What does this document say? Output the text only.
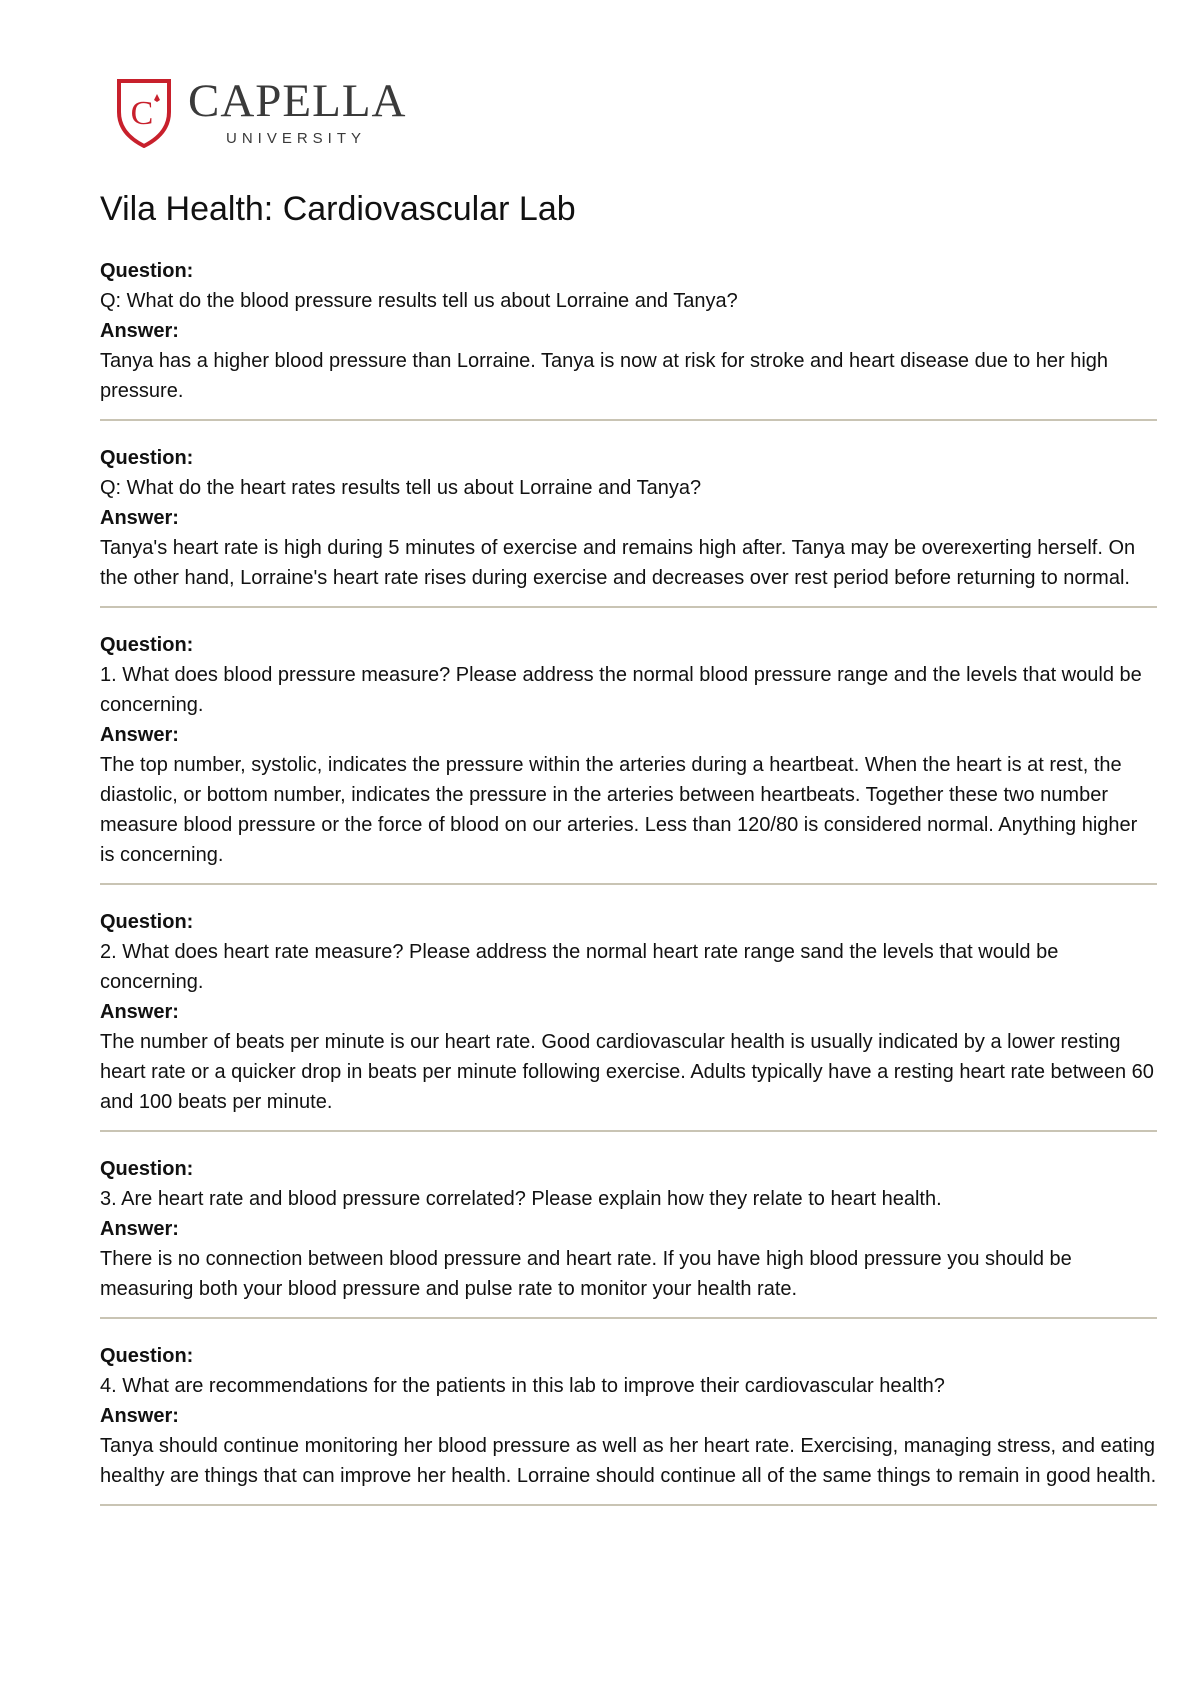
C CAPELLA
UNIVERSITY
Vila Health: Cardiovascular Lab
Question:
Q: What do the blood pressure results tell us about Lorraine and Tanya?
Answer:
Tanya has a higher blood pressure than Lorraine. Tanya is now at risk for stroke and heart disease due to her high pressure.
Question:
Q: What do the heart rates results tell us about Lorraine and Tanya?
Answer:
Tanya's heart rate is high during 5 minutes of exercise and remains high after. Tanya may be overexerting herself. On the other hand, Lorraine's heart rate rises during exercise and decreases over rest period before returning to normal.
Question:
1. What does blood pressure measure? Please address the normal blood pressure range and the levels that would be concerning.
Answer:
The top number, systolic, indicates the pressure within the arteries during a heartbeat. When the heart is at rest, the diastolic, or bottom number, indicates the pressure in the arteries between heartbeats. Together these two number measure blood pressure or the force of blood on our arteries. Less than 120/80 is considered normal. Anything higher is concerning.
Question:
2. What does heart rate measure? Please address the normal heart rate range sand the levels that would be concerning.
Answer:
The number of beats per minute is our heart rate. Good cardiovascular health is usually indicated by a lower resting heart rate or a quicker drop in beats per minute following exercise. Adults typically have a resting heart rate between 60 and 100 beats per minute.
Question:
3. Are heart rate and blood pressure correlated? Please explain how they relate to heart health.
Answer:
There is no connection between blood pressure and heart rate. If you have high blood pressure you should be measuring both your blood pressure and pulse rate to monitor your health rate.
Question:
4. What are recommendations for the patients in this lab to improve their cardiovascular health?
Answer:
Tanya should continue monitoring her blood pressure as well as her heart rate. Exercising, managing stress, and eating healthy are things that can improve her health. Lorraine should continue all of the same things to remain in good health.
